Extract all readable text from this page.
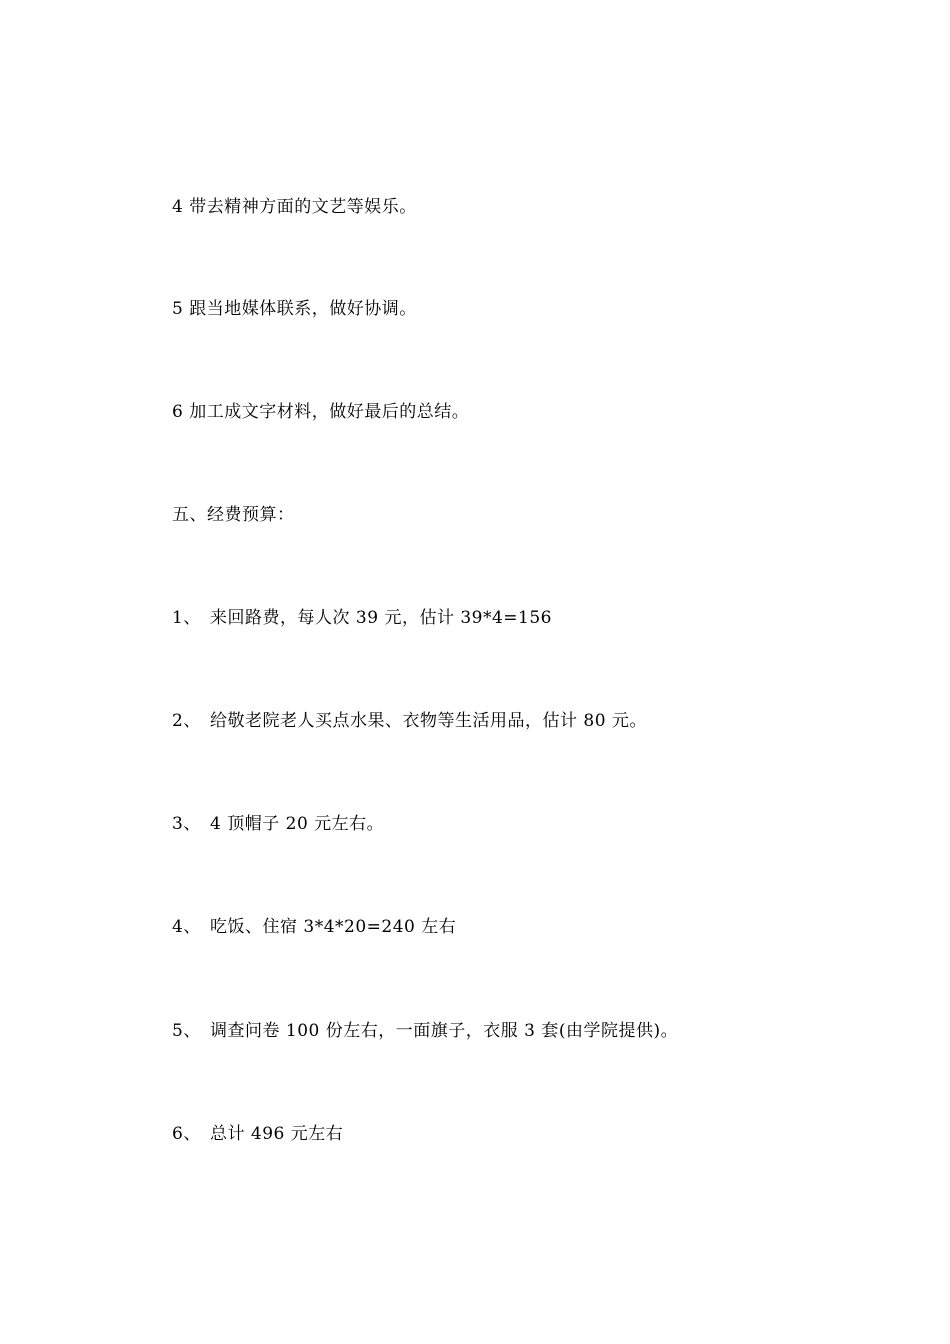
4 带去精神方面的文艺等娱乐。
5 跟当地媒体联系，做好协调。
6 加工成文字材料，做好最后的总结。
五、经费预算：
1、 来回路费，每人次 39 元，估计 39*4=156
2、 给敬老院老人买点水果、衣物等生活用品，估计 80 元。
3、 4 顶帽子 20 元左右。
4、 吃饭、住宿 3*4*20=240 左右
5、 调查问卷 100 份左右，一面旗子，衣服 3 套(由学院提供)。
6、 总计 496 元左右
